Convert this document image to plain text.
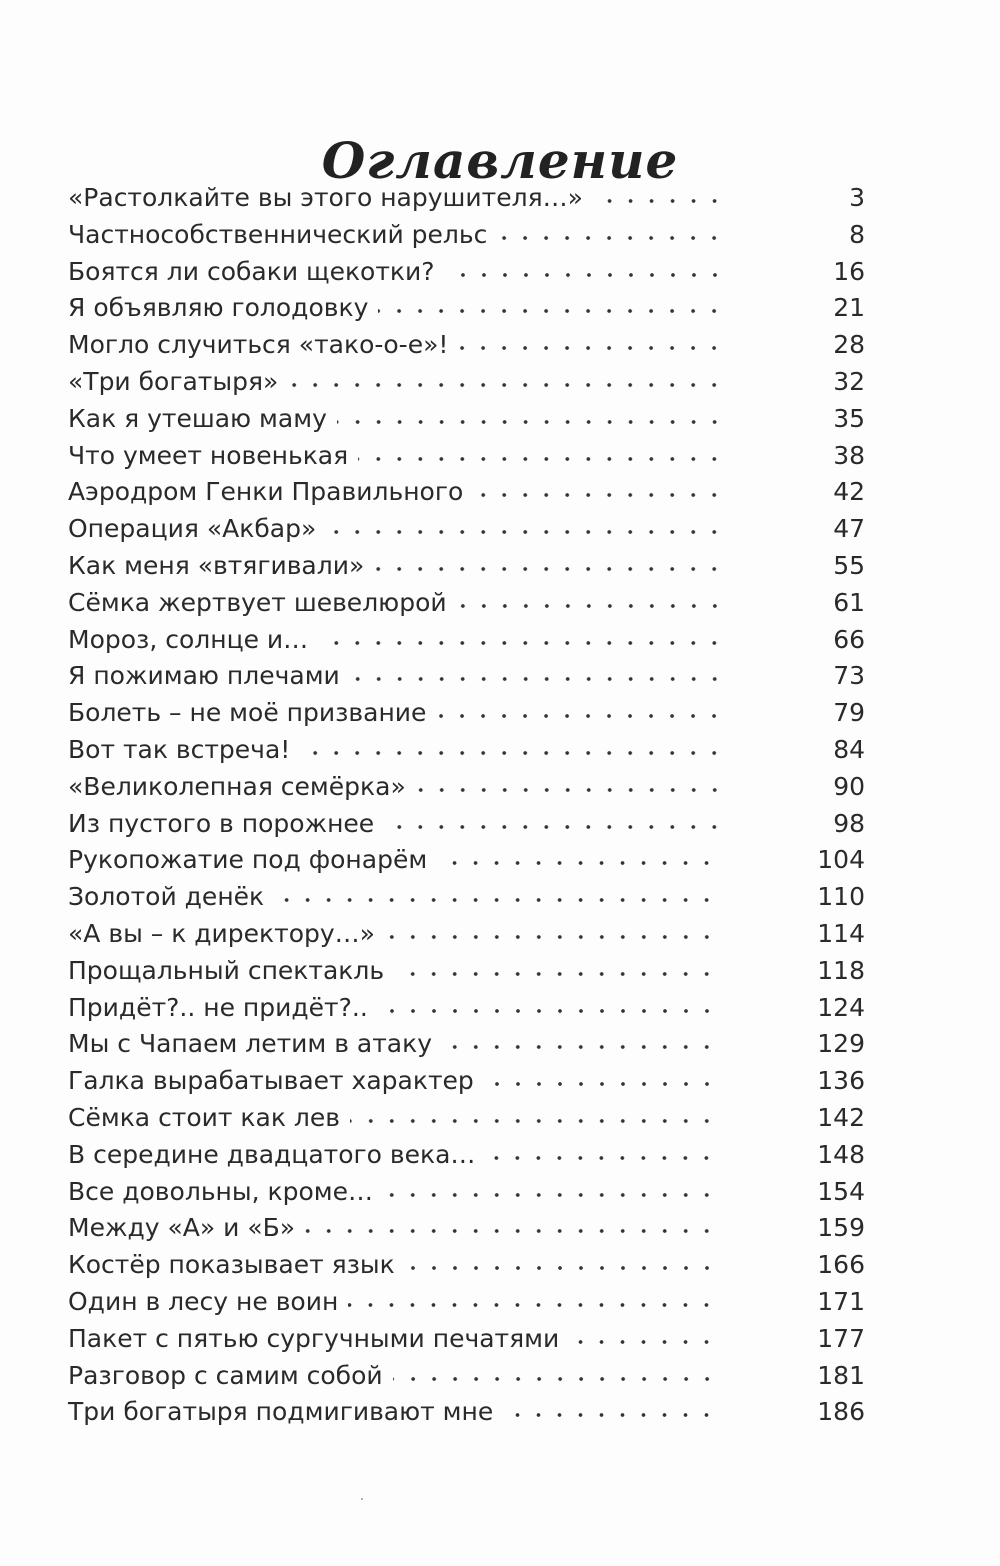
Оглавление
«Растолкайте вы этого нарушителя…»	3
Частнособственнический рельс	8
Боятся ли собаки щекотки?	16
Я объявляю голодовку	21
Могло случиться «тако-о-е»!	28
«Три богатыря»	32
Как я утешаю маму	35
Что умеет новенькая	38
Аэродром Генки Правильного	42
Операция «Акбар»	47
Как меня «втягивали»	55
Сёмка жертвует шевелюрой	61
Мороз, солнце и…	66
Я пожимаю плечами	73
Болеть – не моё призвание	79
Вот так встреча!	84
«Великолепная семёрка»	90
Из пустого в порожнее	98
Рукопожатие под фонарём	104
Золотой денёк	110
«А вы – к директору…»	114
Прощальный спектакль	118
Придёт?.. не придёт?..	124
Мы с Чапаем летим в атаку	129
Галка вырабатывает характер	136
Сёмка стоит как лев	142
В середине двадцатого века…	148
Все довольны, кроме…	154
Между «А» и «Б»	159
Костёр показывает язык	166
Один в лесу не воин	171
Пакет с пятью сургучными печатями	177
Разговор с самим собой	181
Три богатыря подмигивают мне	186
